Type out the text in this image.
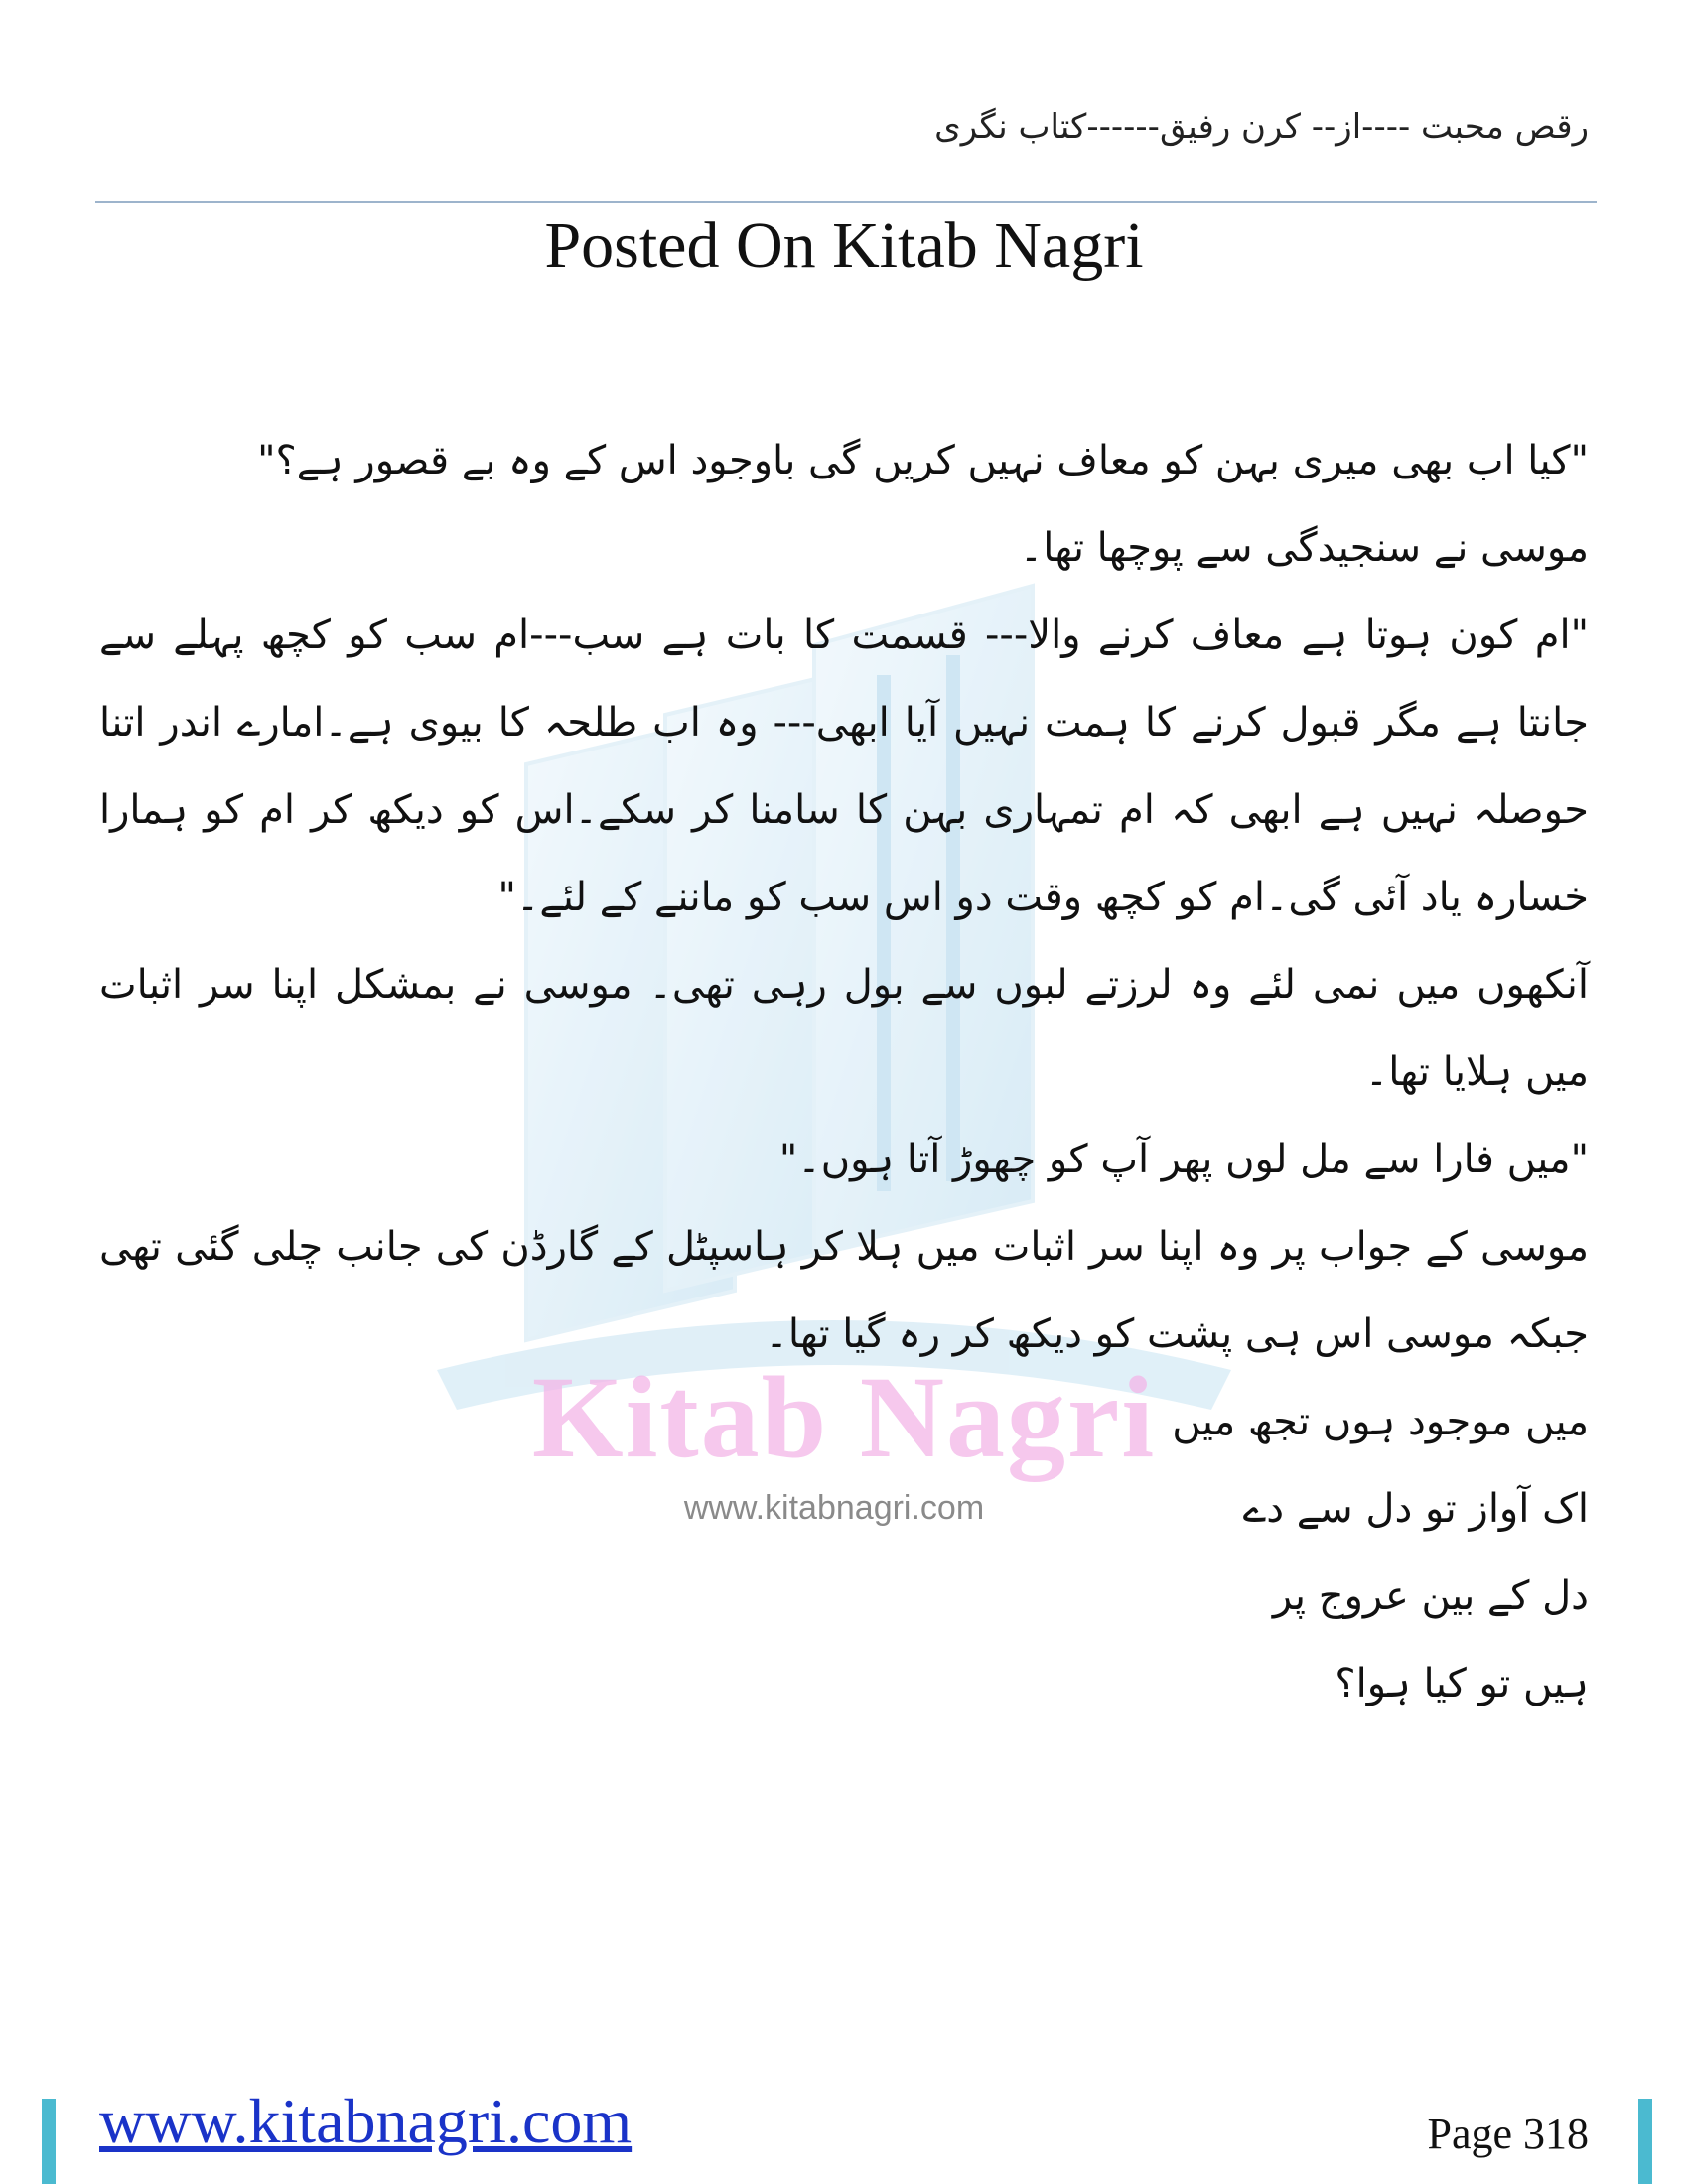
رقص محبت ----از-- کرن رفیق------کتاب نگری
Posted On Kitab Nagri
Kitab Nagri
www.kitabnagri.com

"کیا اب بھی میری بہن کو معاف نہیں کریں گی باوجود اس کے وہ بے قصور ہے؟"

موسی نے سنجیدگی سے پوچھا تھا۔

"ام کون ہوتا ہے معاف کرنے والا--- قسمت کا بات ہے سب---ام سب کو کچھ پہلے سے جانتا ہے مگر قبول کرنے کا ہمت نہیں آیا ابھی--- وہ اب طلحہ کا بیوی ہے۔امارے اندر اتنا حوصلہ نہیں ہے ابھی کہ ام تمہاری بہن کا سامنا کر سکے۔اس کو دیکھ کر ام کو ہمارا خسارہ یاد آئی گی۔ام کو کچھ وقت دو اس سب کو ماننے کے لئے۔"

آنکھوں میں نمی لئے وہ لرزتے لبوں سے بول رہی تھی۔ موسی نے بمشکل اپنا سر اثبات میں ہلایا تھا۔

"میں فارا سے مل لوں پھر آپ کو چھوڑ آتا ہوں۔"

موسی کے جواب پر وہ اپنا سر اثبات میں ہلا کر ہاسپٹل کے گارڈن کی جانب چلی گئی تھی جبکہ موسی اس ہی پشت کو دیکھ کر رہ گیا تھا۔

میں موجود ہوں تجھ میں

اک آواز تو دل سے دے

دل کے بین عروج پر

ہیں تو کیا ہوا؟

www.kitabnagri.com	Page 318
